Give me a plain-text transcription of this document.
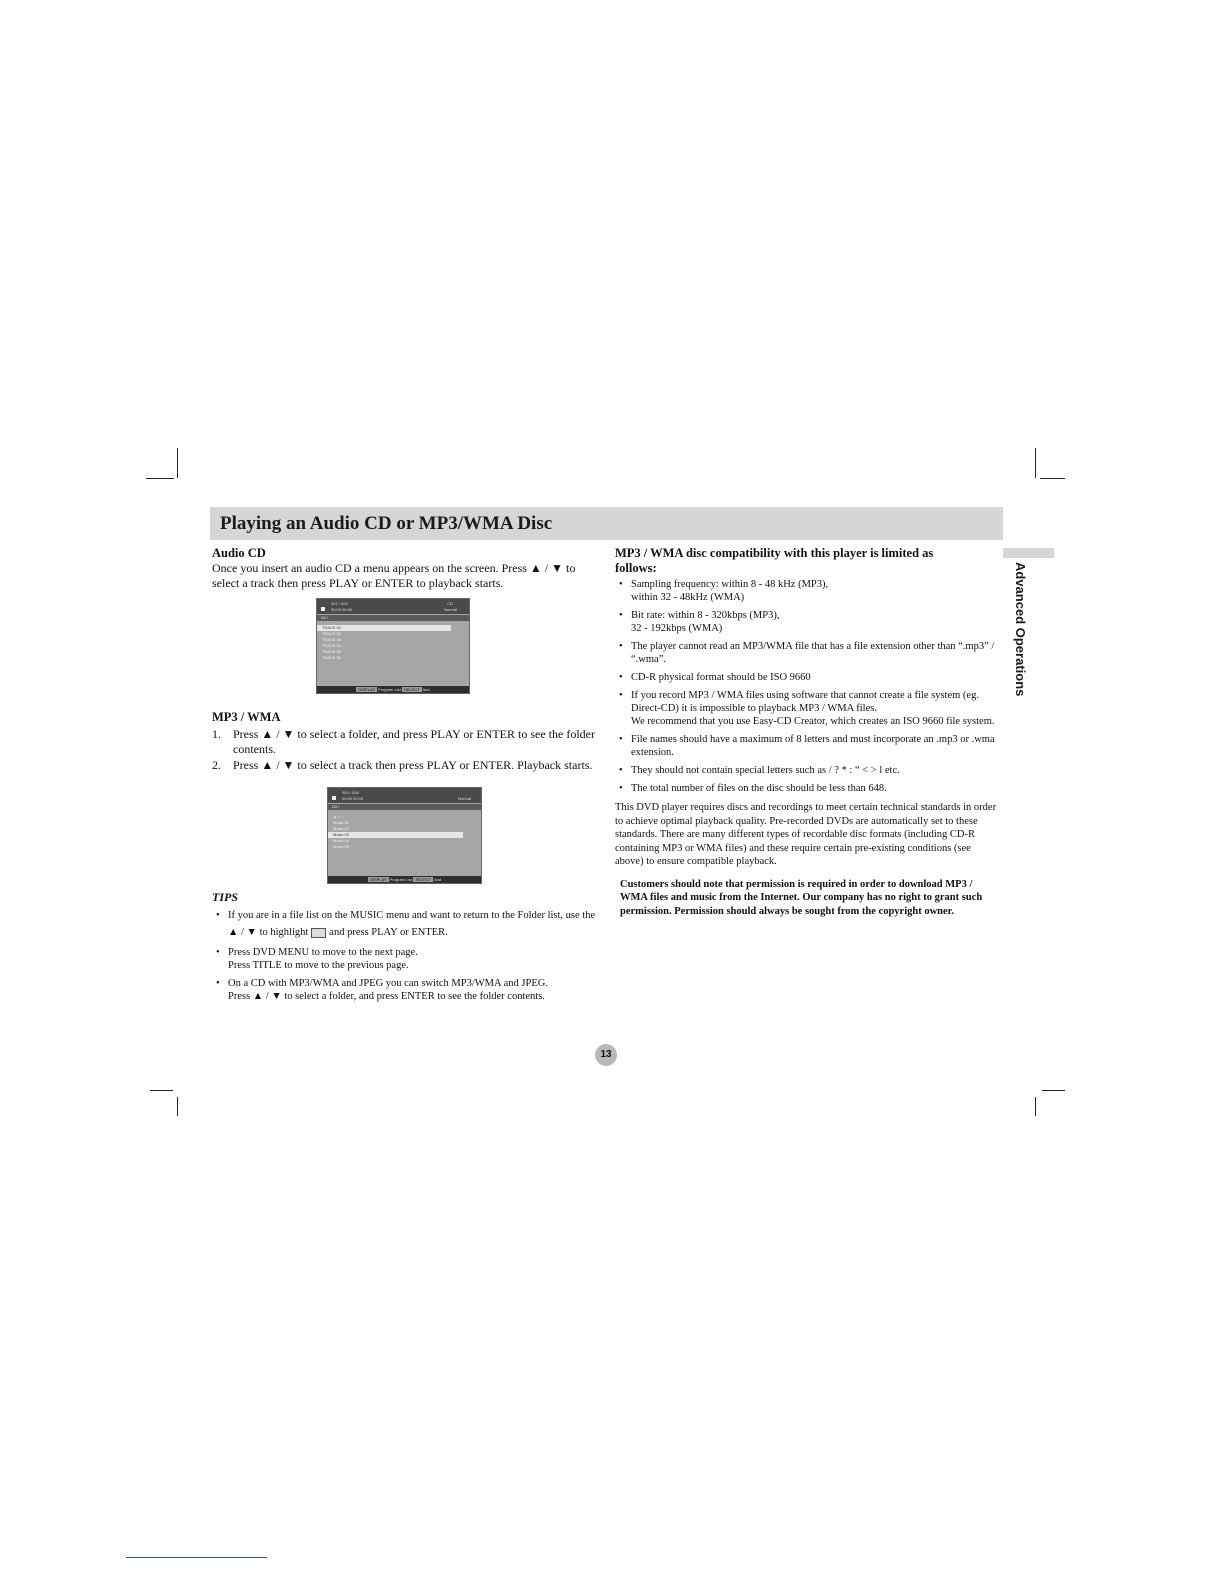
Playing an Audio CD or MP3/WMA Disc
Advanced Operations
Audio CD

Once you insert an audio CD a menu appears on the screen. Press ▲ / ▼ to select a track then press PLAY or ENTER to playback starts.

001 / 002
00:00 00:00
CD
Normal
Dir \
TRACK 01
TRACK 02
TRACK 03
TRACK 04
TRACK 05
TRACK 06
DISPLAY Program List SELECT Add
MP3 / WMA
1. Press ▲ / ▼ to select a folder, and press PLAY or ENTER to see the folder contents.
2. Press ▲ / ▼ to select a track then press PLAY or ENTER. Playback starts.
003 / 008
00:00 00:00	Normal
Dir \
▲ / ...
Music 01
Music 02
Music 03
Music 04
Music 05
DISPLAY Program List SELECT Add
TIPS
• If you are in a file list on the MUSIC menu and want to return to the Folder list, use the ▲ / ▼ to highlight and press PLAY or ENTER.
• Press DVD MENU to move to the next page.
Press TITLE to move to the previous page.
• On a CD with MP3/WMA and JPEG you can switch MP3/WMA and JPEG.
Press ▲ / ▼ to select a folder, and press ENTER to see the folder contents.
MP3 / WMA disc compatibility with this player is limited as follows:
• Sampling frequency: within 8 - 48 kHz (MP3),
within 32 - 48kHz (WMA)
• Bit rate: within 8 - 320kbps (MP3),
32 - 192kbps (WMA)
• The player cannot read an MP3/WMA file that has a file extension other than “.mp3” / “.wma”.
• CD-R physical format should be ISO 9660
• If you record MP3 / WMA files using software that cannot create a file system (eg. Direct-CD) it is impossible to playback MP3 / WMA files.
We recommend that you use Easy-CD Creator, which creates an ISO 9660 file system.
• File names should have a maximum of 8 letters and must incorporate an .mp3 or .wma extension.
• They should not contain special letters such as / ? * : “ < > l etc.
• The total number of files on the disc should be less than 648.

This DVD player requires discs and recordings to meet certain technical standards in order to achieve optimal playback quality. Pre-recorded DVDs are automatically set to these standards. There are many different types of recordable disc formats (including CD-R containing MP3 or WMA files) and these require certain pre-existing conditions (see above) to ensure compatible playback.

Customers should note that permission is required in order to download MP3 / WMA files and music from the Internet. Our company has no right to grant such permission. Permission should always be sought from the copyright owner.

13
